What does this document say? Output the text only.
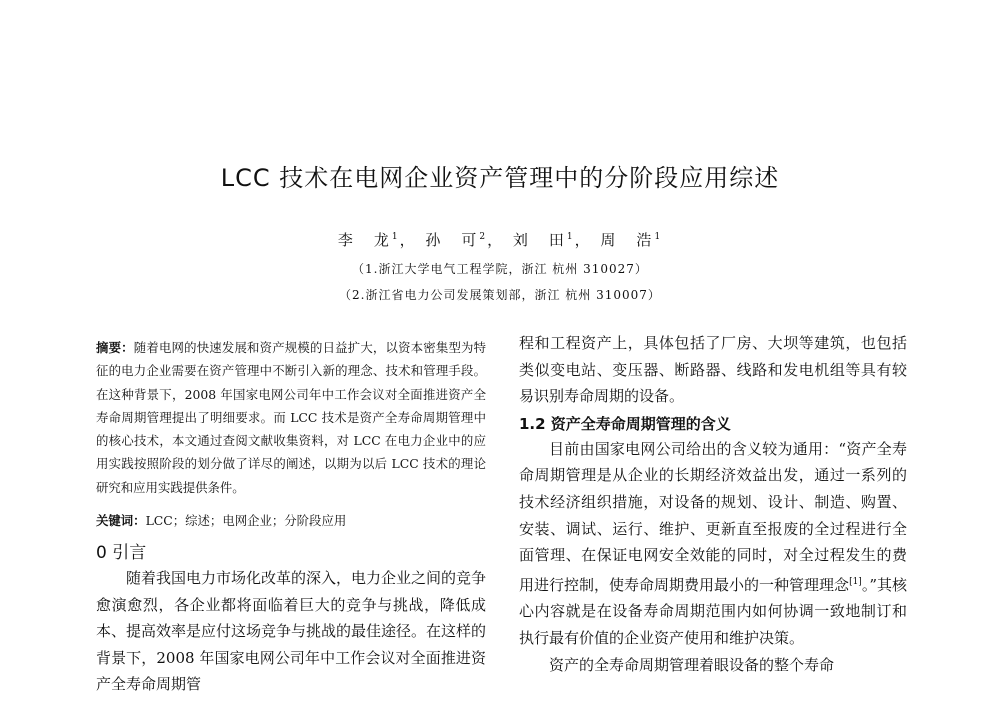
LCC 技术在电网企业资产管理中的分阶段应用综述
李　龙$^1$ ， 孙　可$^2$ ， 刘　田$^1$ ， 周　浩$^1$
（1.浙江大学电气工程学院，浙江 杭州 310027）
（2.浙江省电力公司发展策划部，浙江 杭州 310007）

摘要：随着电网的快速发展和资产规模的日益扩大，以资本密集型为特征的电力企业需要在资产管理中不断引入新的理念、技术和管理手段。在这种背景下，2008 年国家电网公司年中工作会议对全面推进资产全寿命周期管理提出了明细要求。而 LCC 技术是资产全寿命周期管理中的核心技术，本文通过查阅文献收集资料，对 LCC 在电力企业中的应用实践按照阶段的划分做了详尽的阐述，以期为以后 LCC 技术的理论研究和应用实践提供条件。

关键词：LCC；综述；电网企业；分阶段应用
0 引言

随着我国电力市场化改革的深入，电力企业之间的竞争愈演愈烈，各企业都将面临着巨大的竞争与挑战，降低成本、提高效率是应付这场竞争与挑战的最佳途径。在这样的背景下，2008 年国家电网公司年中工作会议对全面推进资产全寿命周期管

程和工程资产上，具体包括了厂房、大坝等建筑，也包括类似变电站、变压器、断路器、线路和发电机组等具有较易识别寿命周期的设备。

1.2 资产全寿命周期管理的含义

目前由国家电网公司给出的含义较为通用：“资产全寿命周期管理是从企业的长期经济效益出发，通过一系列的技术经济组织措施，对设备的规划、设计、制造、购置、安装、调试、运行、维护、更新直至报废的全过程进行全面管理、在保证电网安全效能的同时，对全过程发生的费用进行控制，使寿命周期费用最小的一种管理理念[1]。”其核心内容就是在设备寿命周期范围内如何协调一致地制订和执行最有价值的企业资产使用和维护决策。

资产的全寿命周期管理着眼设备的整个寿命
